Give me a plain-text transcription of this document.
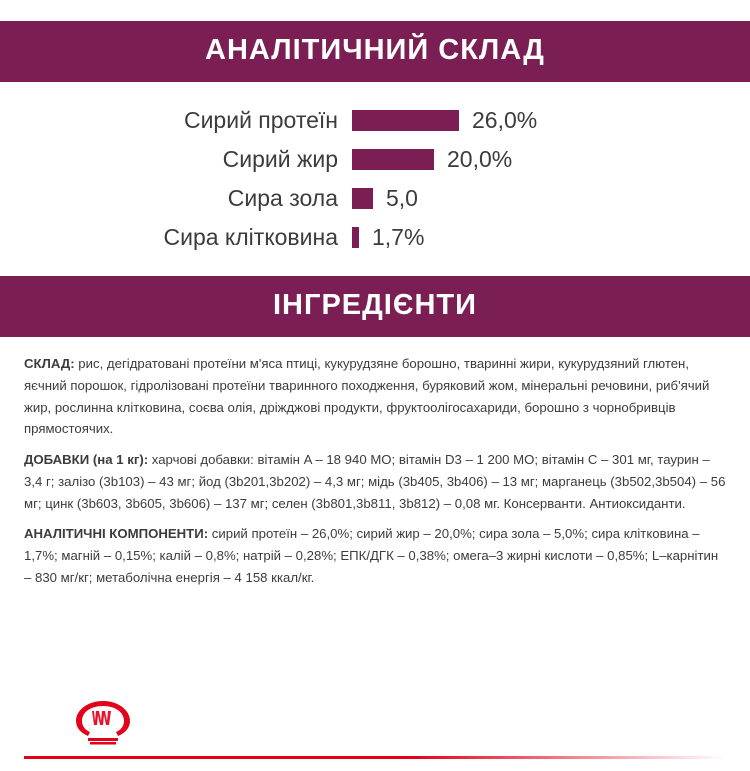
АНАЛІТИЧНИЙ СКЛАД
Сирий протеїн	26,0%
Сирий жир	20,0%
Сира зола	5,0
Сира клітковина	1,7%
ІНГРЕДІЄНТИ

СКЛАД: рис, дегідратовані протеїни м'яса птиці, кукурудзяне борошно, тваринні жири, кукурудзяний глютен, яєчний порошок, гідролізовані протеїни тваринного походження, буряковий жом, мінеральні речовини, риб'ячий жир, рослинна клітковина, соєва олія, дріжджові продукти, фруктоолігосахариди, борошно з чорнобривців прямостоячих.

ДОБАВКИ (на 1 кг): харчові добавки: вітамін A – 18 940 МО; вітамін D3 – 1 200 МО; вітамін C – 301 мг, таурин – 3,4 г; залізо (3b103) – 43 мг; йод (3b201,3b202) – 4,3 мг; мідь (3b405, 3b406) – 13 мг; марганець (3b502,3b504) – 56 мг; цинк (3b603, 3b605, 3b606) – 137 мг; селен (3b801,3b811, 3b812) – 0,08 мг. Консерванти. Антиоксиданти.

АНАЛІТИЧНІ КОМПОНЕНТИ: сирий протеїн – 26,0%; сирий жир – 20,0%; сира зола – 5,0%; сира клітковина – 1,7%; магній – 0,15%; калій – 0,8%; натрій – 0,28%; ЕПК/ДГК – 0,38%; омега–3 жирні кислоти – 0,85%; L–карнітин – 830 мг/кг; метаболічна енергія – 4 158 ккал/кг.
